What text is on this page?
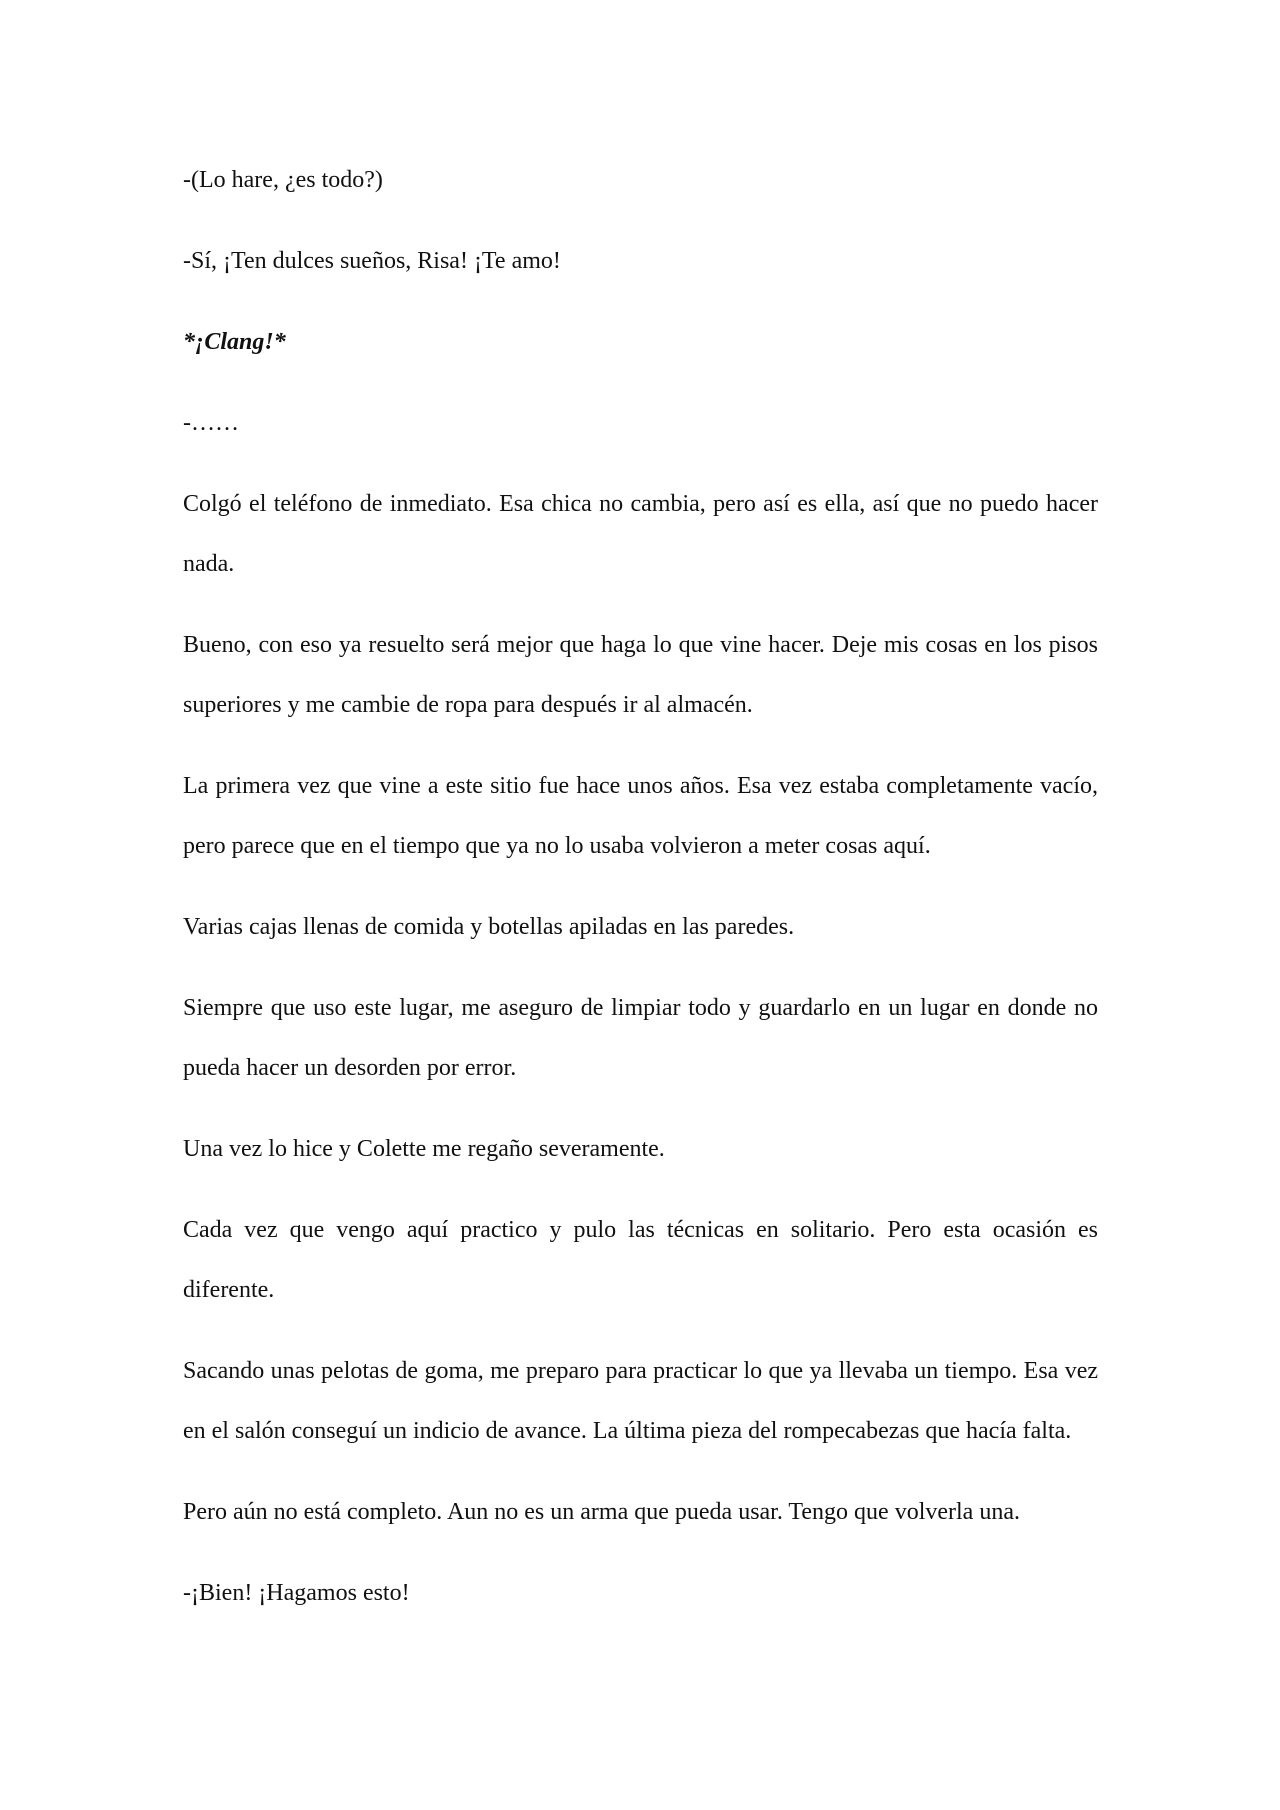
-(Lo hare, ¿es todo?)

-Sí, ¡Ten dulces sueños, Risa! ¡Te amo!

*¡Clang!*

-……

Colgó el teléfono de inmediato. Esa chica no cambia, pero así es ella, así que no puedo hacer nada.

Bueno, con eso ya resuelto será mejor que haga lo que vine hacer. Deje mis cosas en los pisos superiores y me cambie de ropa para después ir al almacén.

La primera vez que vine a este sitio fue hace unos años. Esa vez estaba completamente vacío, pero parece que en el tiempo que ya no lo usaba volvieron a meter cosas aquí.

Varias cajas llenas de comida y botellas apiladas en las paredes.

Siempre que uso este lugar, me aseguro de limpiar todo y guardarlo en un lugar en donde no pueda hacer un desorden por error.

Una vez lo hice y Colette me regaño severamente.

Cada vez que vengo aquí practico y pulo las técnicas en solitario. Pero esta ocasión es diferente.

Sacando unas pelotas de goma, me preparo para practicar lo que ya llevaba un tiempo. Esa vez en el salón conseguí un indicio de avance. La última pieza del rompecabezas que hacía falta.

Pero aún no está completo. Aun no es un arma que pueda usar. Tengo que volverla una.

-¡Bien! ¡Hagamos esto!
